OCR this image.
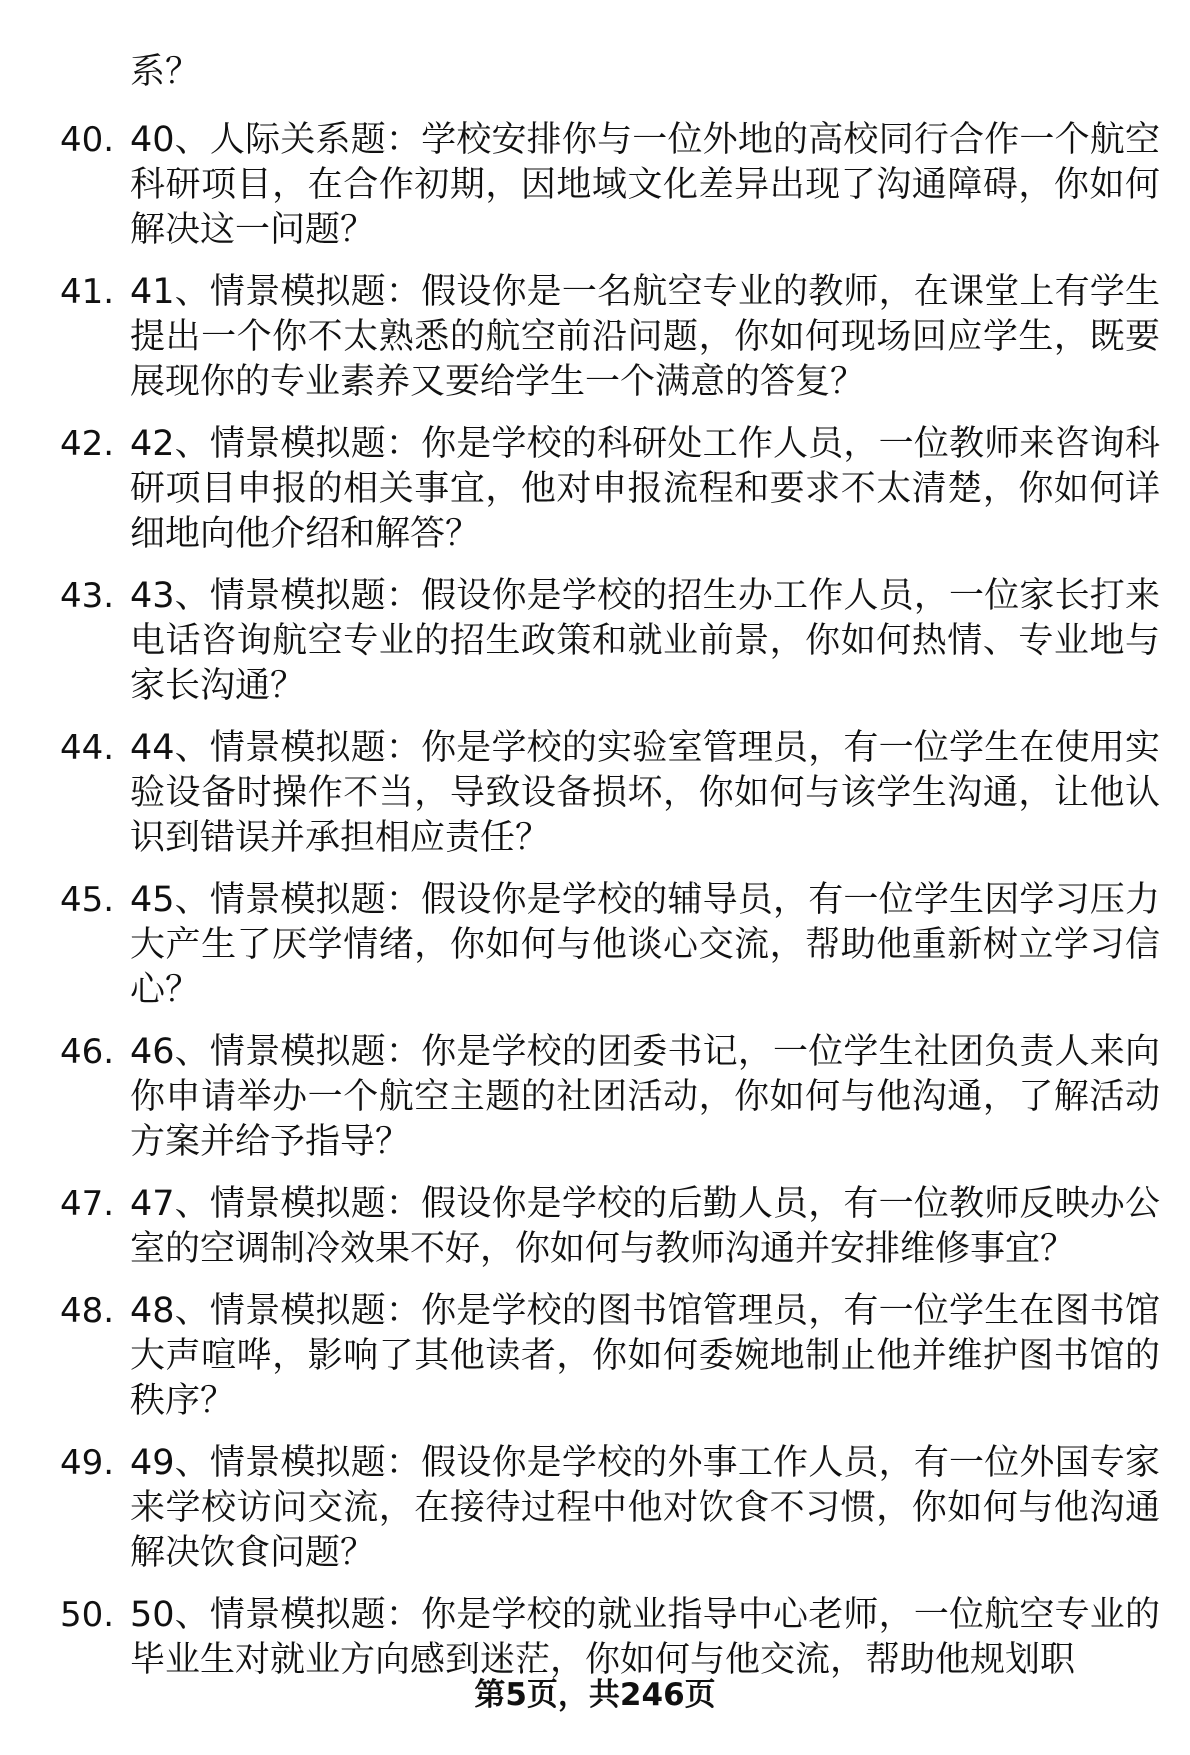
系？

40. 40、人际关系题：学校安排你与一位外地的高校同行合作一个航空科研项目，在合作初期，因地域文化差异出现了沟通障碍，你如何解决这一问题？
41. 41、情景模拟题：假设你是一名航空专业的教师，在课堂上有学生提出一个你不太熟悉的航空前沿问题，你如何现场回应学生，既要展现你的专业素养又要给学生一个满意的答复？
42. 42、情景模拟题：你是学校的科研处工作人员，一位教师来咨询科研项目申报的相关事宜，他对申报流程和要求不太清楚，你如何详细地向他介绍和解答？
43. 43、情景模拟题：假设你是学校的招生办工作人员，一位家长打来电话咨询航空专业的招生政策和就业前景，你如何热情、专业地与家长沟通？
44. 44、情景模拟题：你是学校的实验室管理员，有一位学生在使用实验设备时操作不当，导致设备损坏，你如何与该学生沟通，让他认识到错误并承担相应责任？
45. 45、情景模拟题：假设你是学校的辅导员，有一位学生因学习压力大产生了厌学情绪，你如何与他谈心交流，帮助他重新树立学习信心？
46. 46、情景模拟题：你是学校的团委书记，一位学生社团负责人来向你申请举办一个航空主题的社团活动，你如何与他沟通，了解活动方案并给予指导？
47. 47、情景模拟题：假设你是学校的后勤人员，有一位教师反映办公室的空调制冷效果不好，你如何与教师沟通并安排维修事宜？
48. 48、情景模拟题：你是学校的图书馆管理员，有一位学生在图书馆大声喧哗，影响了其他读者，你如何委婉地制止他并维护图书馆的秩序？
49. 49、情景模拟题：假设你是学校的外事工作人员，有一位外国专家来学校访问交流，在接待过程中他对饮食不习惯，你如何与他沟通解决饮食问题？
50. 50、情景模拟题：你是学校的就业指导中心老师，一位航空专业的毕业生对就业方向感到迷茫，你如何与他交流，帮助他规划职
第5页，共246页
